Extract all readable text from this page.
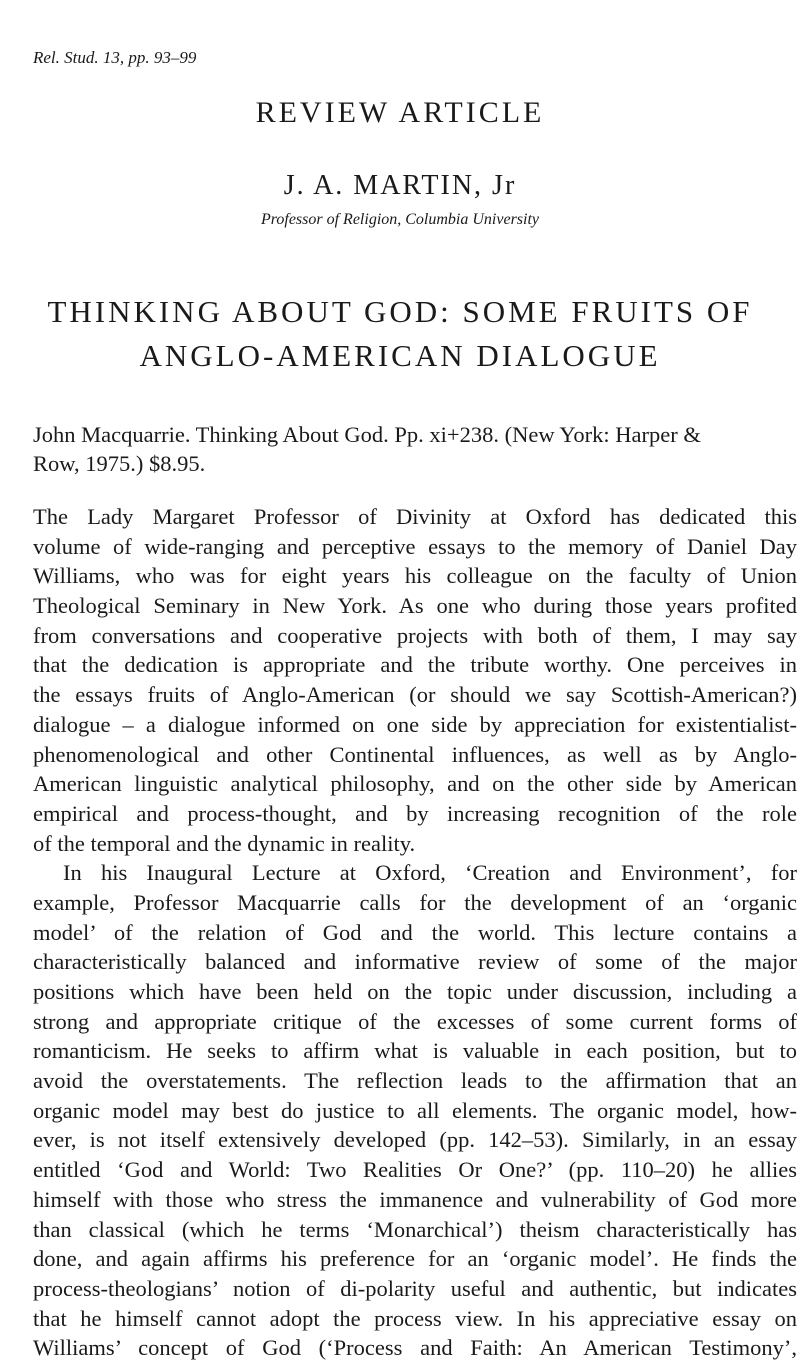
Rel. Stud. 13, pp. 93–99
REVIEW ARTICLE
J. A. MARTIN, Jr
Professor of Religion, Columbia University
THINKING ABOUT GOD: SOME FRUITS OF
ANGLO-AMERICAN DIALOGUE
John Macquarrie. Thinking About God. Pp. xi+238. (New York: Harper &
Row, 1975.) $8.95.
The Lady Margaret Professor of Divinity at Oxford has dedicated this
volume of wide-ranging and perceptive essays to the memory of Daniel Day
Williams, who was for eight years his colleague on the faculty of Union
Theological Seminary in New York. As one who during those years profited
from conversations and cooperative projects with both of them, I may say
that the dedication is appropriate and the tribute worthy. One perceives in
the essays fruits of Anglo-American (or should we say Scottish-American?)
dialogue – a dialogue informed on one side by appreciation for existentialist-
phenomenological and other Continental influences, as well as by Anglo-
American linguistic analytical philosophy, and on the other side by American
empirical and process-thought, and by increasing recognition of the role
of the temporal and the dynamic in reality.
In his Inaugural Lecture at Oxford, ‘Creation and Environment’, for
example, Professor Macquarrie calls for the development of an ‘organic
model’ of the relation of God and the world. This lecture contains a
characteristically balanced and informative review of some of the major
positions which have been held on the topic under discussion, including a
strong and appropriate critique of the excesses of some current forms of
romanticism. He seeks to affirm what is valuable in each position, but to
avoid the overstatements. The reflection leads to the affirmation that an
organic model may best do justice to all elements. The organic model, how-
ever, is not itself extensively developed (pp. 142–53). Similarly, in an essay
entitled ‘God and World: Two Realities Or One?’ (pp. 110–20) he allies
himself with those who stress the immanence and vulnerability of God more
than classical (which he terms ‘Monarchical’) theism characteristically has
done, and again affirms his preference for an ‘organic model’. He finds the
process-theologians’ notion of di-polarity useful and authentic, but indicates
that he himself cannot adopt the process view. In his appreciative essay on
Williams’ concept of God (‘Process and Faith: An American Testimony’,
